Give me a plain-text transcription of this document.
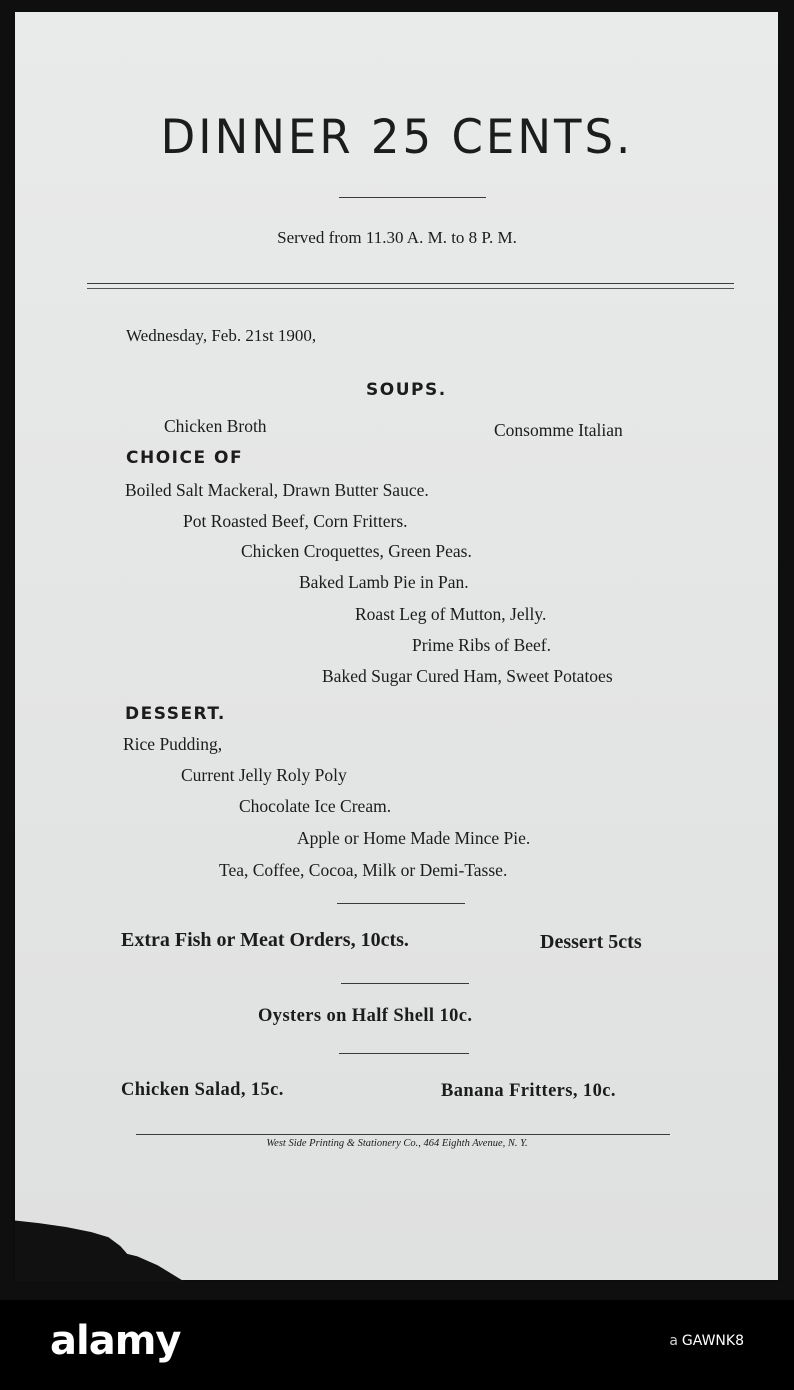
DINNER 25 CENTS.
Served from 11.30 A. M. to 8 P. M.
Wednesday, Feb. 21st 1900,
SOUPS.
Chicken Broth	Consomme Italian
CHOICE OF
Boiled Salt Mackeral, Drawn Butter Sauce.
Pot Roasted Beef, Corn Fritters.
Chicken Croquettes, Green Peas.
Baked Lamb Pie in Pan.
Roast Leg of Mutton, Jelly.
Prime Ribs of Beef.
Baked Sugar Cured Ham, Sweet Potatoes
DESSERT.
Rice Pudding,
Current Jelly Roly Poly
Chocolate Ice Cream.
Apple or Home Made Mince Pie.
Tea, Coffee, Cocoa, Milk or Demi-Tasse.
Extra Fish or Meat Orders, 10cts.	Dessert 5cts
Oysters on Half Shell 10c.
Chicken Salad, 15c.	Banana Fritters, 10c.
West Side Printing & Stationery Co., 464 Eighth Avenue, N. Y.
alamy	a GAWNK8
